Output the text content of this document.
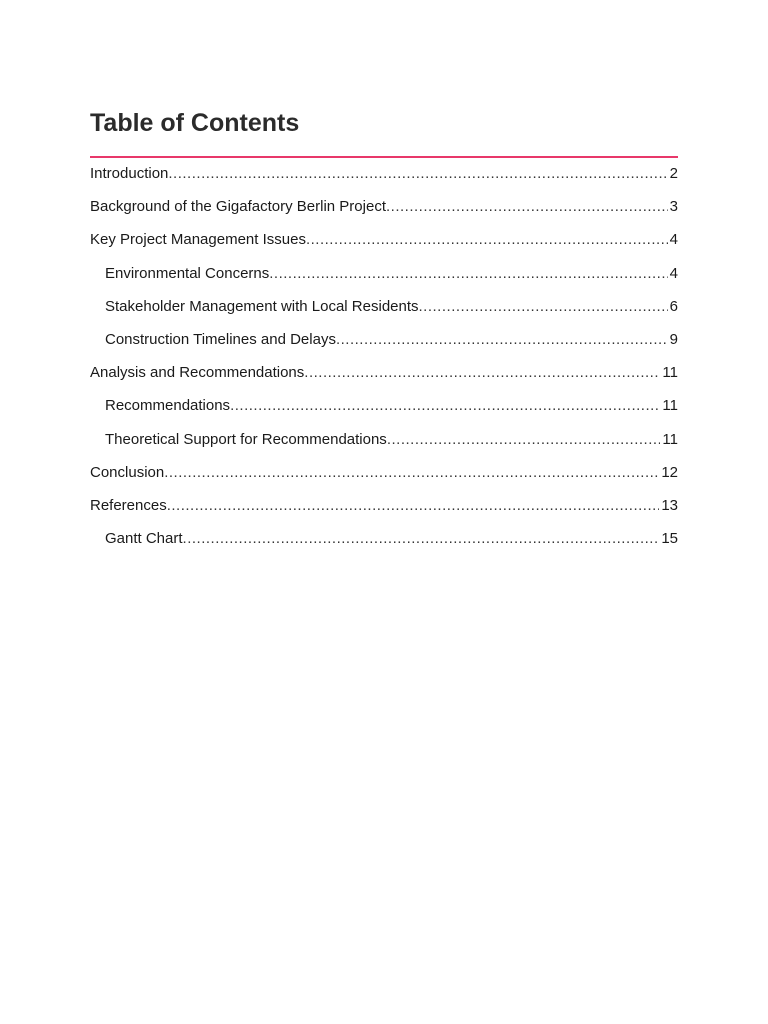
Table of Contents
Introduction .....	2
Background of the Gigafactory Berlin Project .....	3
Key Project Management Issues .....	4
Environmental Concerns .....	4
Stakeholder Management with Local Residents .....	6
Construction Timelines and Delays .....	9
Analysis and Recommendations .....	11
Recommendations .....	11
Theoretical Support for Recommendations .....	11
Conclusion .....	12
References .....	13
Gantt Chart .....	15
